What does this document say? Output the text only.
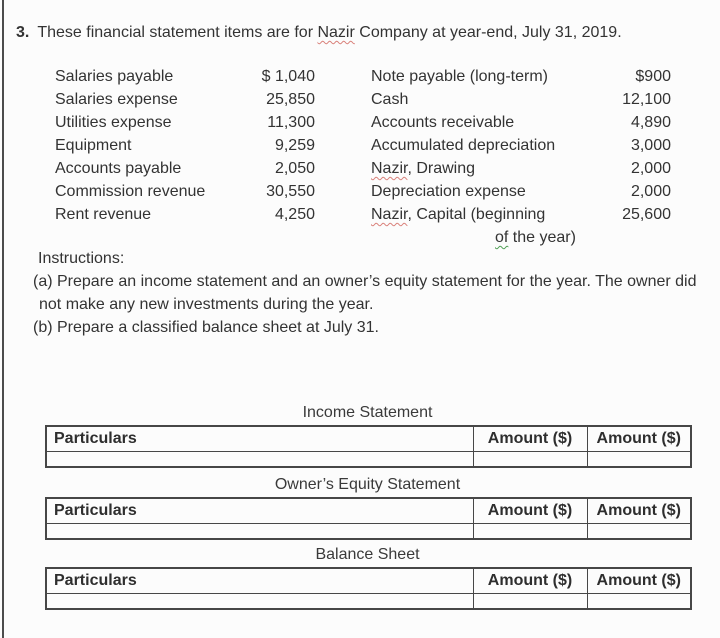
3. These financial statement items are for Nazir Company at year-end, July 31, 2019.
Salaries payable	$ 1,040
Salaries expense	25,850
Utilities expense	11,300
Equipment	9,259
Accounts payable	2,050
Commission revenue	30,550
Rent revenue	4,250
Note payable (long-term)	$900
Cash	12,100
Accounts receivable	4,890
Accumulated depreciation	3,000
Nazir, Drawing	2,000
Depreciation expense	2,000
Nazir, Capital (beginning	25,600
of the year)
Instructions:
(a) Prepare an income statement and an owner’s equity statement for the year. The owner did
not make any new investments during the year.
(b) Prepare a classified balance sheet at July 31.
Income Statement
Particulars	Amount ($)	Amount ($)

Owner’s Equity Statement
Particulars	Amount ($)	Amount ($)

Balance Sheet
Particulars	Amount ($)	Amount ($)
